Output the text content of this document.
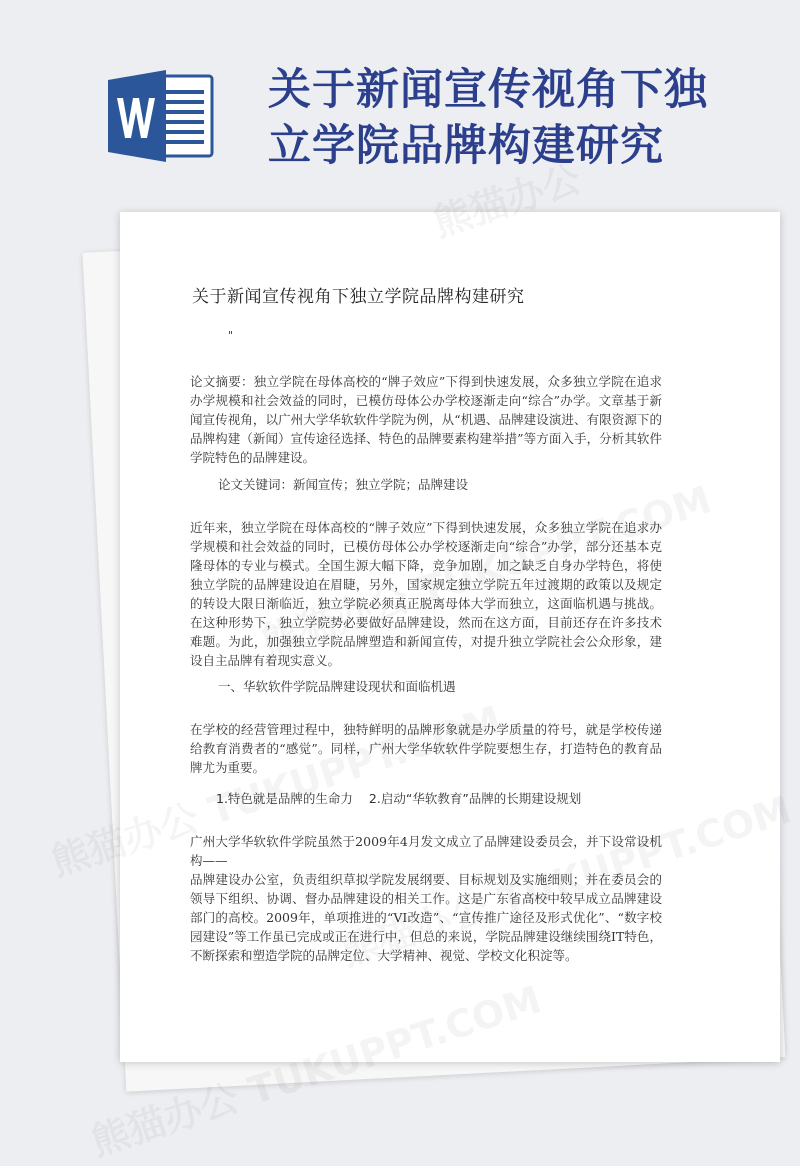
关于新闻宣传视角下独
立学院品牌构建研究
关于新闻宣传视角下独立学院品牌构建研究
"
论文摘要：独立学院在母体高校的“牌子效应”下得到快速发展，众多独立学院在追求办学规模和社会效益的同时，已模仿母体公办学校逐渐走向“综合”办学。文章基于新闻宣传视角，以广州大学华软软件学院为例，从“机遇、品牌建设演进、有限资源下的品牌构建（新闻）宣传途径选择、特色的品牌要素构建举措”等方面入手，分析其软件学院特色的品牌建设。
论文关键词：新闻宣传；独立学院；品牌建设
近年来，独立学院在母体高校的“牌子效应”下得到快速发展，众多独立学院在追求办学规模和社会效益的同时，已模仿母体公办学校逐渐走向“综合”办学，部分还基本克隆母体的专业与模式。全国生源大幅下降，竞争加剧，加之缺乏自身办学特色，将使独立学院的品牌建设迫在眉睫，另外，国家规定独立学院五年过渡期的政策以及规定的转设大限日渐临近，独立学院必须真正脱离母体大学而独立，这面临机遇与挑战。在这种形势下，独立学院势必要做好品牌建设，然而在这方面，目前还存在许多技术难题。为此，加强独立学院品牌塑造和新闻宣传，对提升独立学院社会公众形象，建设自主品牌有着现实意义。
一、华软软件学院品牌建设现状和面临机遇
在学校的经营管理过程中，独特鲜明的品牌形象就是办学质量的符号，就是学校传递给教育消费者的“感觉”。同样，广州大学华软软件学院要想生存，打造特色的教育品牌尤为重要。
1.特色就是品牌的生命力 2.启动“华软教育”品牌的长期建设规划
广州大学华软软件学院虽然于2009年4月发文成立了品牌建设委员会，并下设常设机构——
品牌建设办公室，负责组织草拟学院发展纲要、目标规划及实施细则；并在委员会的领导下组织、协调、督办品牌建设的相关工作。这是广东省高校中较早成立品牌建设部门的高校。2009年，单项推进的“VI改造”、“宣传推广途径及形式优化”、“数字校园建设”等工作虽已完成或正在进行中，但总的来说，学院品牌建设继续围绕IT特色，不断探索和塑造学院的品牌定位、大学精神、视觉、学校文化积淀等。
